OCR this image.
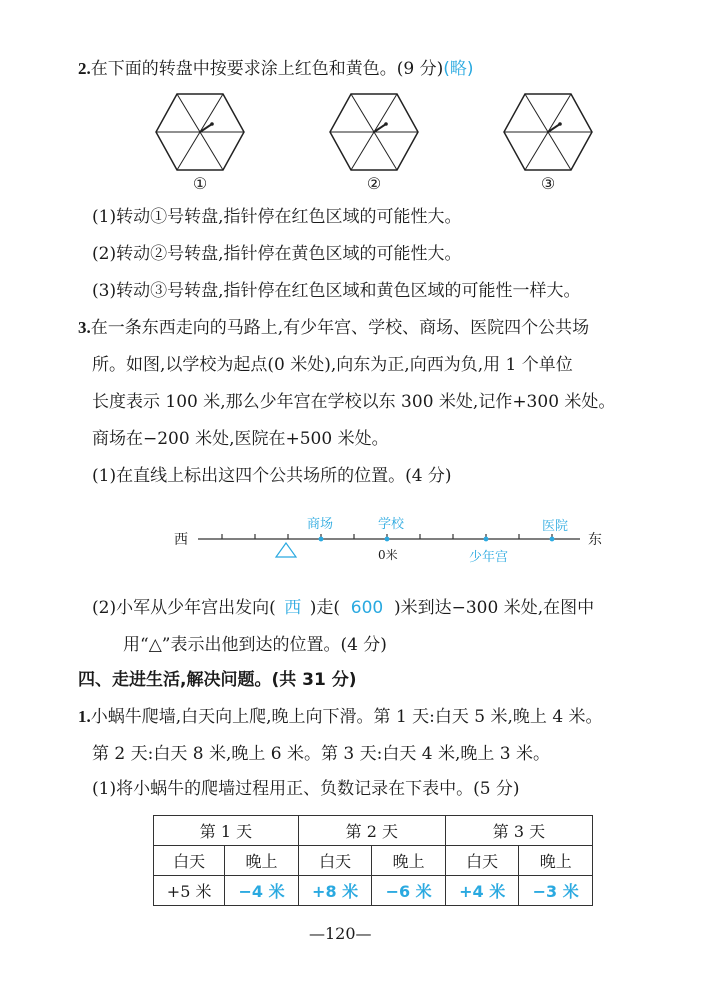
2.在下面的转盘中按要求涂上红色和黄色。(9 分)(略)
①	②	③
(1)转动①号转盘,指针停在红色区域的可能性大。
(2)转动②号转盘,指针停在黄色区域的可能性大。
(3)转动③号转盘,指针停在红色区域和黄色区域的可能性一样大。
3.在一条东西走向的马路上,有少年宫、学校、商场、医院四个公共场
所。如图,以学校为起点(0 米处),向东为正,向西为负,用 1 个单位
长度表示 100 米,那么少年宫在学校以东 300 米处,记作+300 米处。
商场在−200 米处,医院在+500 米处。
(1)在直线上标出这四个公共场所的位置。(4 分)
西	东
商场	学校	医院
0米	少年宫
(2)小军从少年宫出发向( 西 )走( 600 )米到达−300 米处,在图中
用“△”表示出他到达的位置。(4 分)
四、走进生活,解决问题。(共 31 分)
1.小蜗牛爬墙,白天向上爬,晚上向下滑。第 1 天:白天 5 米,晚上 4 米。
第 2 天:白天 8 米,晚上 6 米。第 3 天:白天 4 米,晚上 3 米。
(1)将小蜗牛的爬墙过程用正、负数记录在下表中。(5 分)
第 1 天		第 2 天		第 3 天	
白天	晚上	白天	晚上	白天	晚上
+5 米	−4 米	+8 米	−6 米	+4 米	−3 米
—120—
